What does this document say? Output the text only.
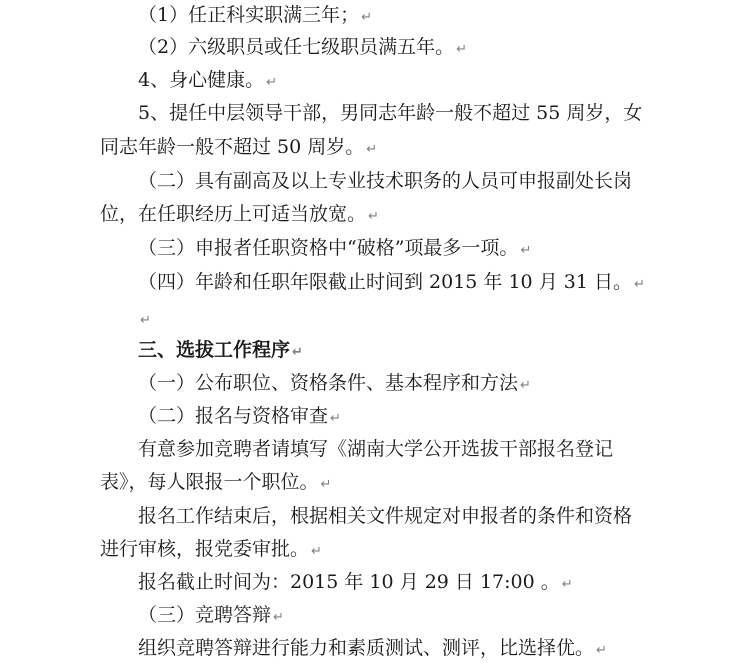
（1）任正科实职满三年； ↵
（2）六级职员或任七级职员满五年。 ↵
4、身心健康。 ↵
5、提任中层领导干部，男同志年龄一般不超过 55 周岁，女
同志年龄一般不超过 50 周岁。 ↵
（二）具有副高及以上专业技术职务的人员可申报副处长岗
位，在任职经历上可适当放宽。 ↵
（三）申报者任职资格中“破格”项最多一项。 ↵
（四）年龄和任职年限截止时间到 2015 年 10 月 31 日。 ↵
↵
三、选拔工作程序 ↵
（一）公布职位、资格条件、基本程序和方法 ↵
（二）报名与资格审查 ↵
有意参加竞聘者请填写《湖南大学公开选拔干部报名登记
表》，每人限报一个职位。 ↵
报名工作结束后，根据相关文件规定对申报者的条件和资格
进行审核，报党委审批。 ↵
报名截止时间为：2015 年 10 月 29 日 17:00 。 ↵
（三）竞聘答辩 ↵
组织竞聘答辩进行能力和素质测试、测评，比选择优。 ↵
